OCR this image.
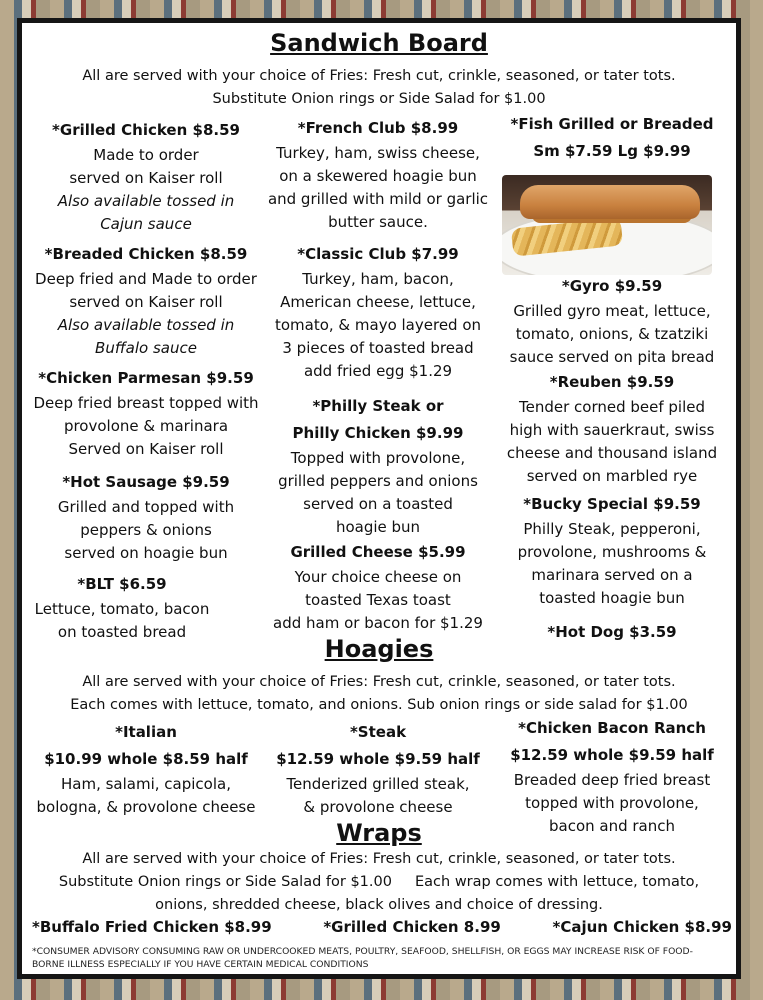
Sandwich Board
All are served with your choice of Fries: Fresh cut, crinkle, seasoned, or tater tots.
Substitute Onion rings or Side Salad for $1.00
*Grilled Chicken $8.59
Made to order
served on Kaiser roll
Also available tossed in
Cajun sauce
*Breaded Chicken $8.59
Deep fried and Made to order
served on Kaiser roll
Also available tossed in
Buffalo sauce
*Chicken Parmesan $9.59
Deep fried breast topped with
provolone & marinara
Served on Kaiser roll
*Hot Sausage $9.59
Grilled and topped with
peppers & onions
served on hoagie bun
*BLT $6.59
Lettuce, tomato, bacon
on toasted bread
*French Club $8.99
Turkey, ham, swiss cheese,
on a skewered hoagie bun
and grilled with mild or garlic
butter sauce.
*Classic Club $7.99
Turkey, ham, bacon,
American cheese, lettuce,
tomato, & mayo layered on
3 pieces of toasted bread
add fried egg $1.29
*Philly Steak or
Philly Chicken $9.99
Topped with provolone,
grilled peppers and onions
served on a toasted
hoagie bun
Grilled Cheese $5.99
Your choice cheese on
toasted Texas toast
add ham or bacon for $1.29
*Fish Grilled or Breaded
Sm $7.59 Lg $9.99
*Gyro $9.59
Grilled gyro meat, lettuce,
tomato, onions, & tzatziki
sauce served on pita bread
*Reuben $9.59
Tender corned beef piled
high with sauerkraut, swiss
cheese and thousand island
served on marbled rye
*Bucky Special $9.59
Philly Steak, pepperoni,
provolone, mushrooms &
marinara served on a
toasted hoagie bun
*Hot Dog $3.59
Hoagies
All are served with your choice of Fries: Fresh cut, crinkle, seasoned, or tater tots.
Each comes with lettuce, tomato, and onions. Sub onion rings or side salad for $1.00
*Italian
$10.99 whole $8.59 half
Ham, salami, capicola,
bologna, & provolone cheese
*Steak
$12.59 whole $9.59 half
Tenderized grilled steak,
& provolone cheese
*Chicken Bacon Ranch
$12.59 whole $9.59 half
Breaded deep fried breast
topped with provolone,
bacon and ranch
Wraps
All are served with your choice of Fries: Fresh cut, crinkle, seasoned, or tater tots.
Substitute Onion rings or Side Salad for $1.00     Each wrap comes with lettuce, tomato,
onions, shredded cheese, black olives and choice of dressing.
*Buffalo Fried Chicken $8.99	*Grilled Chicken 8.99	*Cajun Chicken $8.99
*CONSUMER ADVISORY CONSUMING RAW OR UNDERCOOKED MEATS, POULTRY, SEAFOOD, SHELLFISH, OR EGGS MAY INCREASE RISK OF FOOD-
BORNE ILLNESS ESPECIALLY IF YOU HAVE CERTAIN MEDICAL CONDITIONS
